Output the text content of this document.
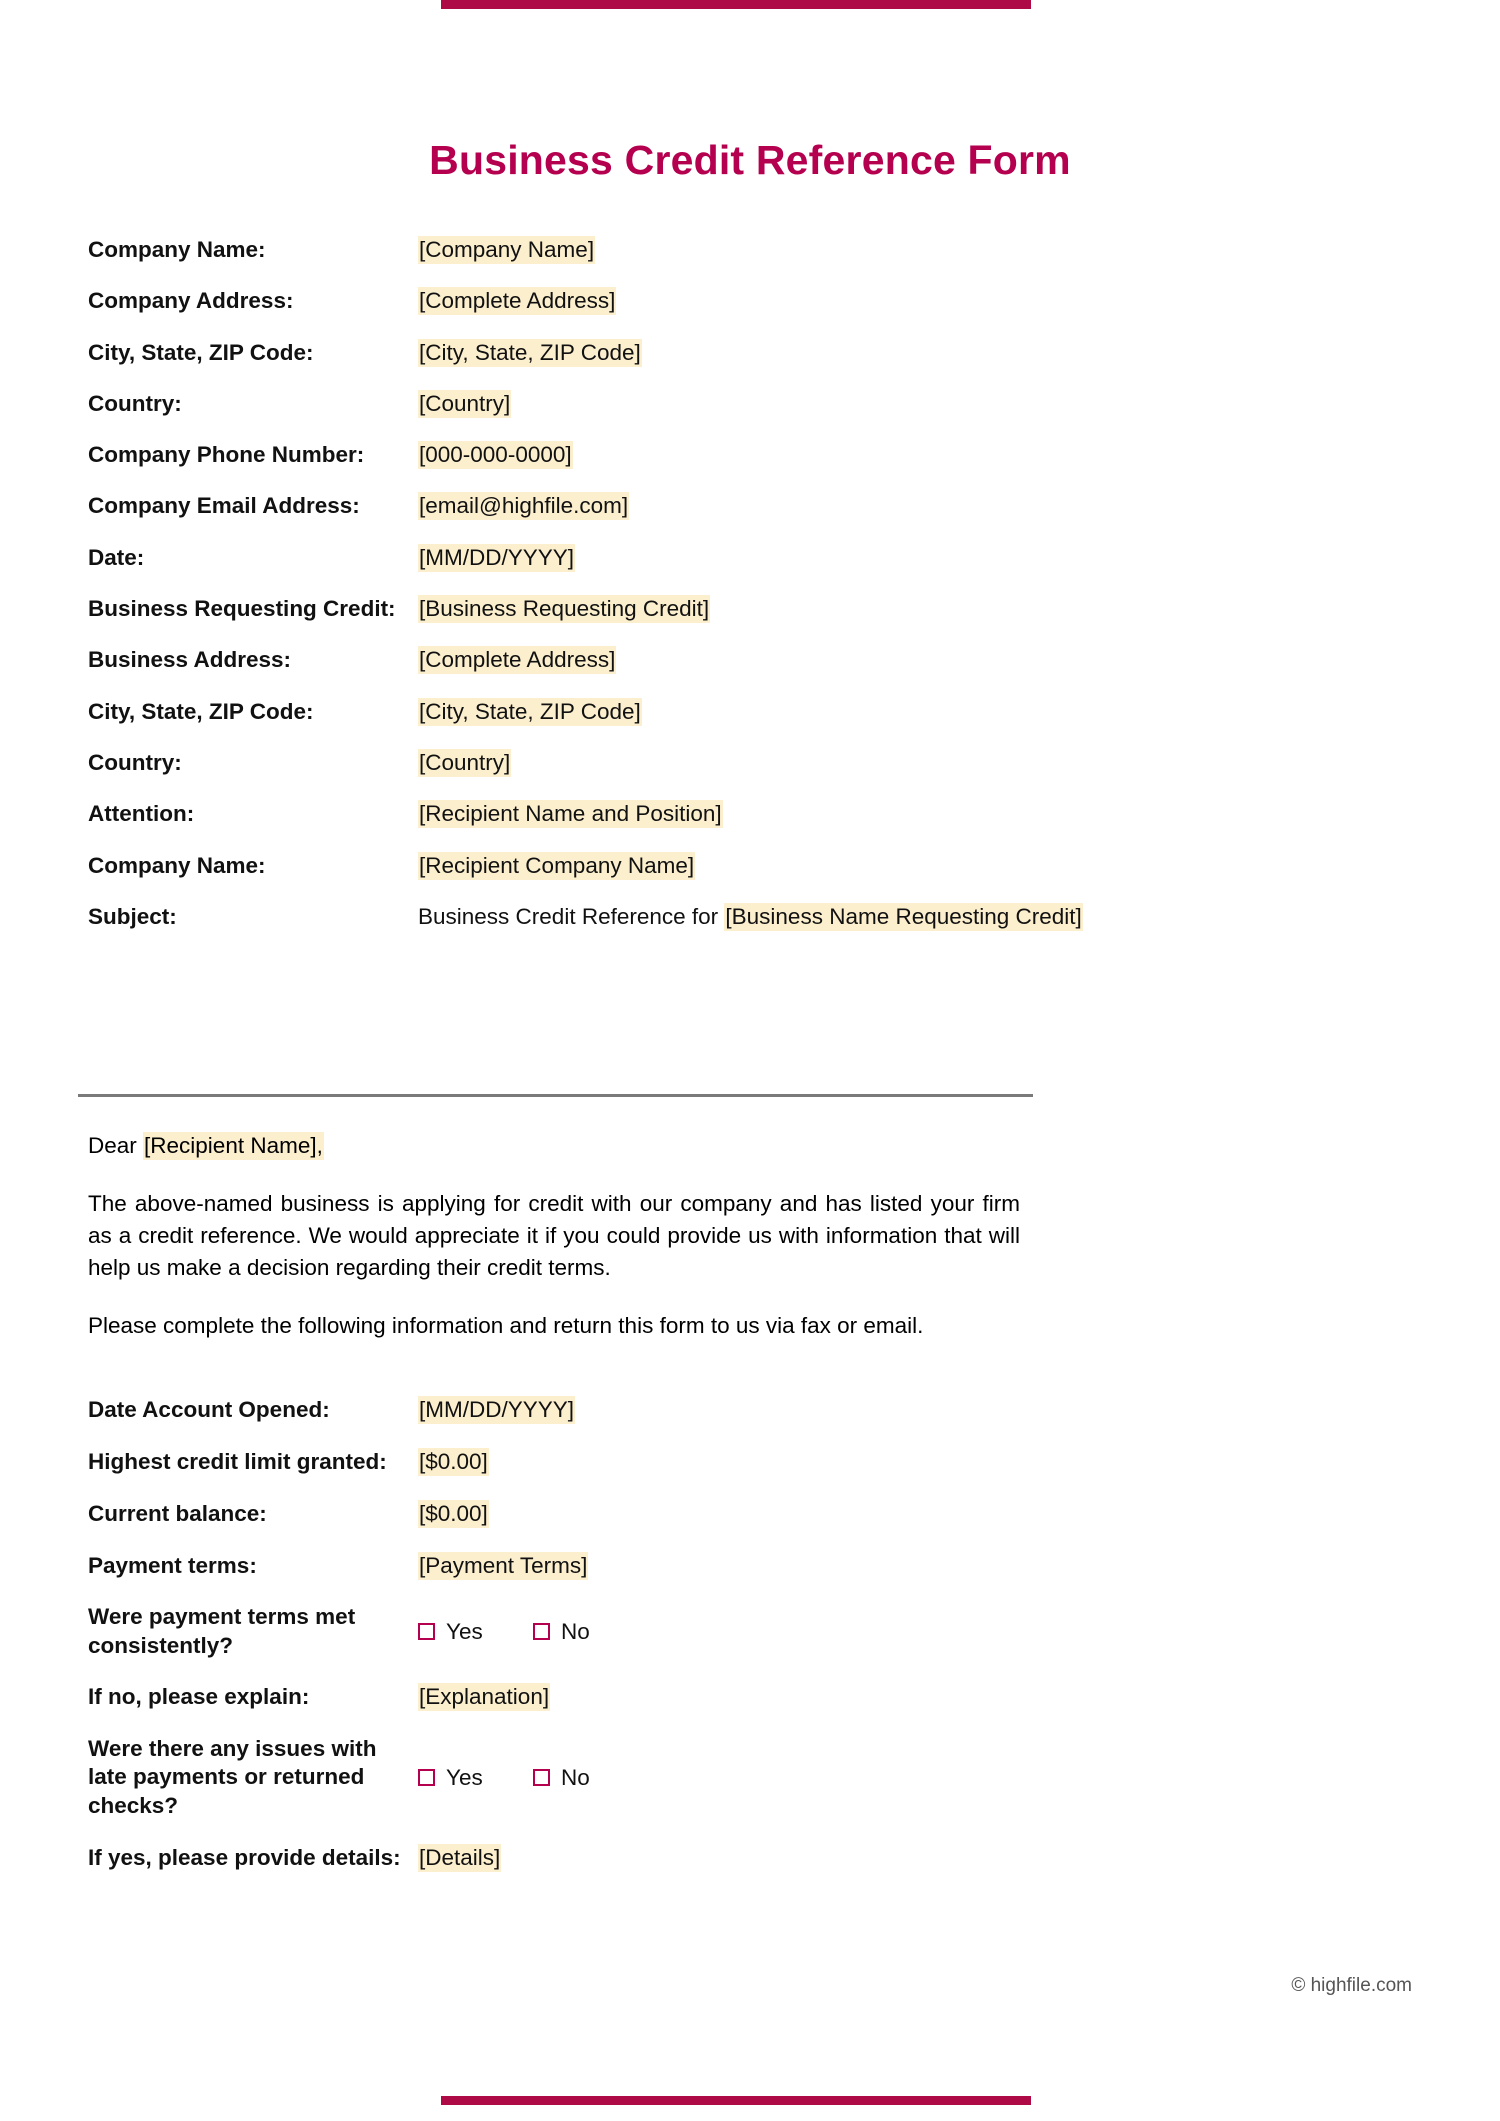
Business Credit Reference Form
Company Name:	[Company Name]
Company Address:	[Complete Address]
City, State, ZIP Code:	[City, State, ZIP Code]
Country:	[Country]
Company Phone Number:	[000-000-0000]
Company Email Address:	[email@highfile.com]
Date:	[MM/DD/YYYY]
Business Requesting Credit:	[Business Requesting Credit]
Business Address:	[Complete Address]
City, State, ZIP Code:	[City, State, ZIP Code]
Country:	[Country]
Attention:	[Recipient Name and Position]
Company Name:	[Recipient Company Name]
Subject:	Business Credit Reference for [Business Name Requesting Credit]
Dear [Recipient Name],
The above-named business is applying for credit with our company and has listed your firm as a credit reference. We would appreciate it if you could provide us with information that will help us make a decision regarding their credit terms.
Please complete the following information and return this form to us via fax or email.
Date Account Opened:	[MM/DD/YYYY]
Highest credit limit granted:	[$0.00]
Current balance:	[$0.00]
Payment terms:	[Payment Terms]
Were payment terms met consistently?
Yes	No
If no, please explain:	[Explanation]
Were there any issues with late payments or returned checks?
Yes	No
If yes, please provide details: [Details]
© highfile.com
